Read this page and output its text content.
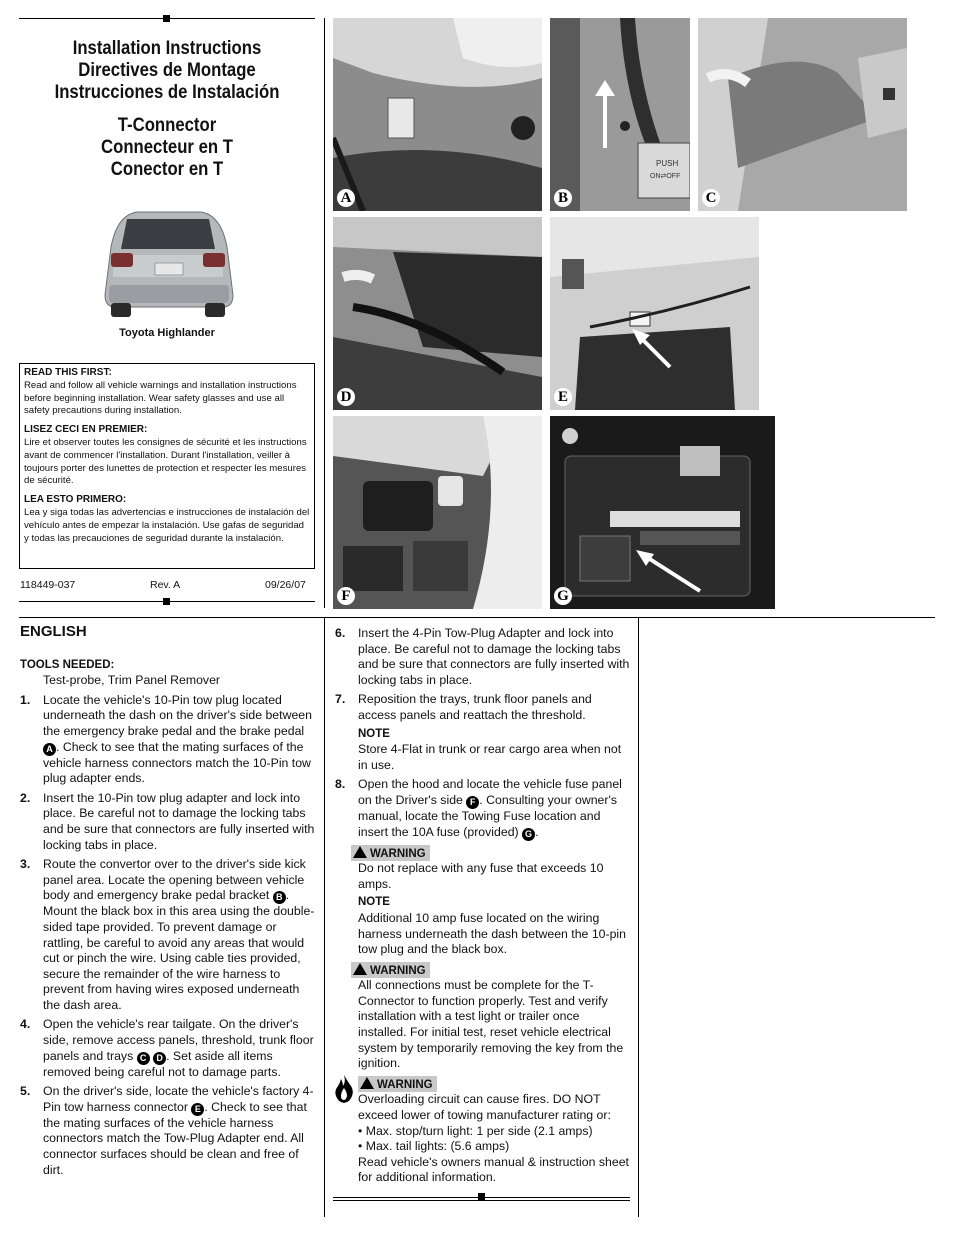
Installation Instructions
Directives de Montage
Instrucciones de Instalación
T-Connector
Connecteur en T
Conector en T
Toyota Highlander

READ THIS FIRST:
Read and follow all vehicle warnings and installation instructions before beginning installation. Wear safety glasses and use all safety precautions during installation.

LISEZ CECI EN PREMIER:
Lire et observer toutes les consignes de sécurité et les instructions avant de commencer l'installation. Durant l'installation, veiller à toujours porter des lunettes de protection et respecter les mesures de sécurité.

LEA ESTO PRIMERO:
Lea y siga todas las advertencias e instrucciones de instalación del vehículo antes de empezar la instalación. Use gafas de seguridad y todas las precauciones de seguridad durante la instalación.

118449-037	Rev. A	09/26/07
A
PUSH
ON⇄OFF
B	C
D	E
F	G
ENGLISH
TOOLS NEEDED:
Test-probe, Trim Panel Remover
1. Locate the vehicle's 10-Pin tow plug located underneath the dash on the driver's side between the emergency brake pedal and the brake pedal A . Check to see that the mating surfaces of the vehicle harness connectors match the 10-Pin tow plug adapter ends.
2. Insert the 10-Pin tow plug adapter and lock into place. Be careful not to damage the locking tabs and be sure that connectors are fully inserted with locking tabs in place.
3. Route the convertor over to the driver's side kick panel area. Locate the opening between vehicle body and emergency brake pedal bracket B . Mount the black box in this area using the double-sided tape provided. To prevent damage or rattling, be careful to avoid any areas that would cut or pinch the wire. Using cable ties provided, secure the remainder of the wire harness to prevent from having wires exposed underneath the dash area.
4. Open the vehicle's rear tailgate. On the driver's side, remove access panels, threshold, trunk floor panels and trays C D . Set aside all items removed being careful not to damage parts.
5. On the driver's side, locate the vehicle's factory 4-Pin tow harness connector E . Check to see that the mating surfaces of the vehicle harness connectors match the Tow-Plug Adapter end. All connector surfaces should be clean and free of dirt.
6. Insert the 4-Pin Tow-Plug Adapter and lock into place. Be careful not to damage the locking tabs and be sure that connectors are fully inserted with locking tabs in place.
7. Reposition the trays, trunk floor panels and access panels and reattach the threshold.
NOTE
Store 4-Flat in trunk or rear cargo area when not in use.
8. Open the hood and locate the vehicle fuse panel on the Driver's side F . Consulting your owner's manual, locate the Towing Fuse location and insert the 10A fuse (provided) G .
WARNING
Do not replace with any fuse that exceeds 10 amps.
NOTE
Additional 10 amp fuse located on the wiring harness underneath the dash between the 10-pin tow plug and the black box.
WARNING
All connections must be complete for the T-Connector to function properly. Test and verify installation with a test light or trailer once installed. For initial test, reset vehicle electrical system by temporarily removing the key from the ignition.
WARNING
Overloading circuit can cause fires. DO NOT exceed lower of towing manufacturer rating or:
• Max. stop/turn light: 1 per side (2.1 amps)
• Max. tail lights: (5.6 amps)
Read vehicle's owners manual & instruction sheet for additional information.
